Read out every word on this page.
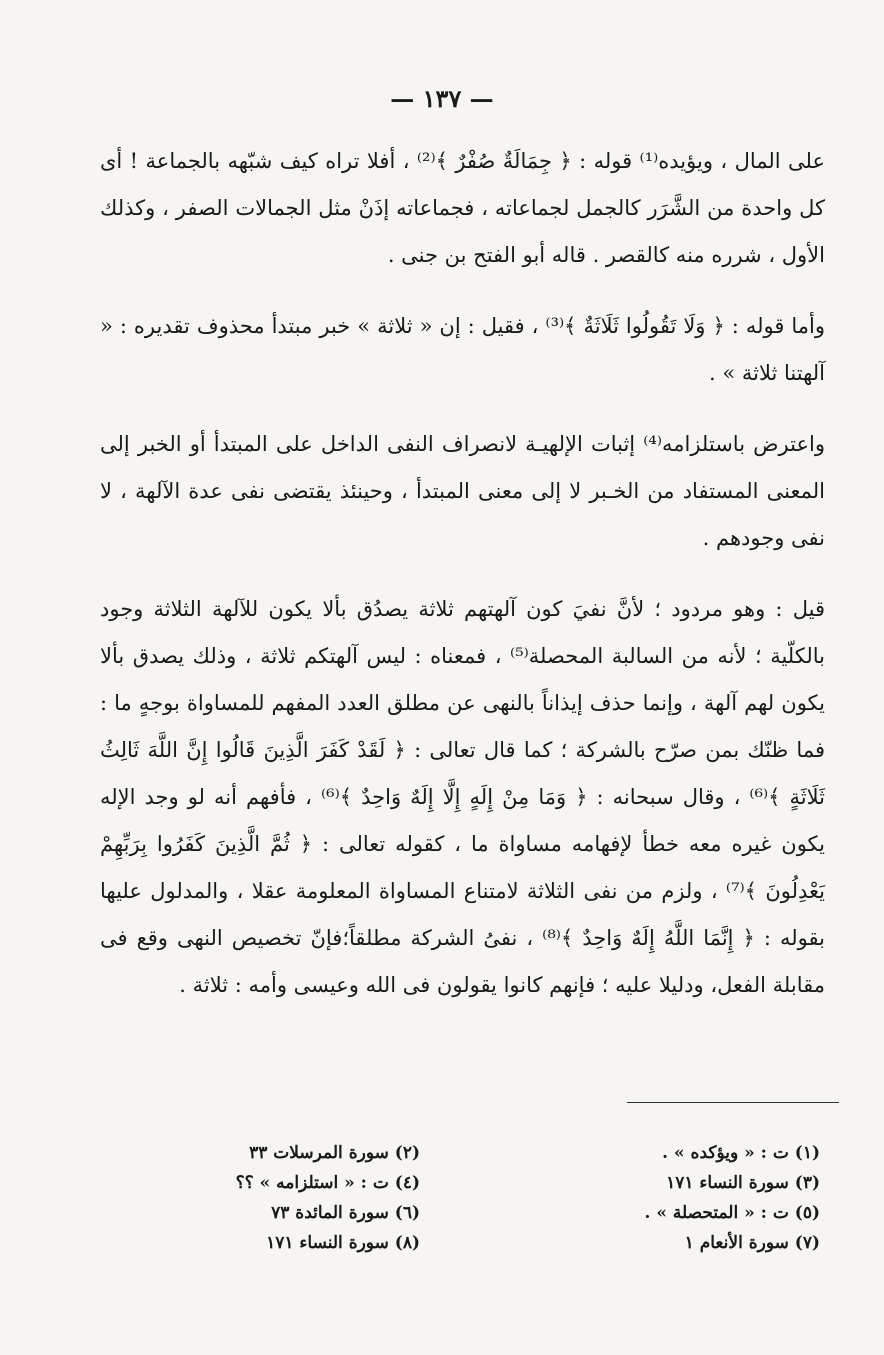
— ١٣٧ —

على المال ، ويؤيده⁽¹⁾ قوله : ﴿ جِمَالَةٌ صُفْرٌ ﴾⁽²⁾ ، أفلا تراه كيف شبّهه بالجماعة ! أى كل واحدة من الشَّرَر كالجمل لجماعاته ، فجماعاته إذَنْ مثل الجمالات الصفر ، وكذلك الأول ، شرره منه كالقصر . قاله أبو الفتح بن جنى .

وأما قوله : ﴿ وَلَا تَقُولُوا ثَلَاثَةٌ ﴾⁽³⁾ ، فقيل : إن « ثلاثة » خبر مبتدأ محذوف تقديره : « آلهتنا ثلاثة » .

واعترض باستلزامه⁽⁴⁾ إثبات الإلهيـة لانصراف النفى الداخل على المبتدأ أو الخبر إلى المعنى المستفاد من الخـبر لا إلى معنى المبتدأ ، وحينئذ يقتضى نفى عدة الآلهة ، لا نفى وجودهم .

قيل : وهو مردود ؛ لأنَّ نفيَ كون آلهتهم ثلاثة يصدُق بألا يكون للآلهة الثلاثة وجود بالكلّية ؛ لأنه من السالبة المحصلة⁽⁵⁾ ، فمعناه : ليس آلهتكم ثلاثة ، وذلك يصدق بألا يكون لهم آلهة ، وإنما حذف إيذاناً بالنهى عن مطلق العدد المفهم للمساواة بوجهٍ ما : فما ظنّك بمن صرّح بالشركة ؛ كما قال تعالى : ﴿ لَقَدْ كَفَرَ الَّذِينَ قَالُوا إِنَّ اللَّهَ ثَالِثُ ثَلَاثَةٍ ﴾⁽⁶⁾ ، وقال سبحانه : ﴿ وَمَا مِنْ إِلَهٍ إِلَّا إِلَهٌ وَاحِدٌ ﴾⁽⁶⁾ ، فأفهم أنه لو وجد الإله يكون غيره معه خطأ لإفهامه مساواة ما ، كقوله تعالى : ﴿ ثُمَّ الَّذِينَ كَفَرُوا بِرَبِّهِمْ يَعْدِلُونَ ﴾⁽⁷⁾ ، ولزم من نفى الثلاثة لامتناع المساواة المعلومة عقلا ، والمدلول عليها بقوله : ﴿ إِنَّمَا اللَّهُ إِلَهٌ وَاحِدٌ ﴾⁽⁸⁾ ، نفىُ الشركة مطلقاً؛فإنّ تخصيص النهى وقع فى مقابلة الفعل، ودليلا عليه ؛ فإنهم كانوا يقولون فى الله وعيسى وأمه : ثلاثة .

(١) ت : « ويؤكده » .
(٣) سورة النساء ١٧١
(٥) ت : « المتحصلة » .
(٧) سورة الأنعام ١
(٢) سورة المرسلات ٣٣
(٤) ت : « استلزامه » ؟؟
(٦) سورة المائدة ٧٣
(٨) سورة النساء ١٧١
